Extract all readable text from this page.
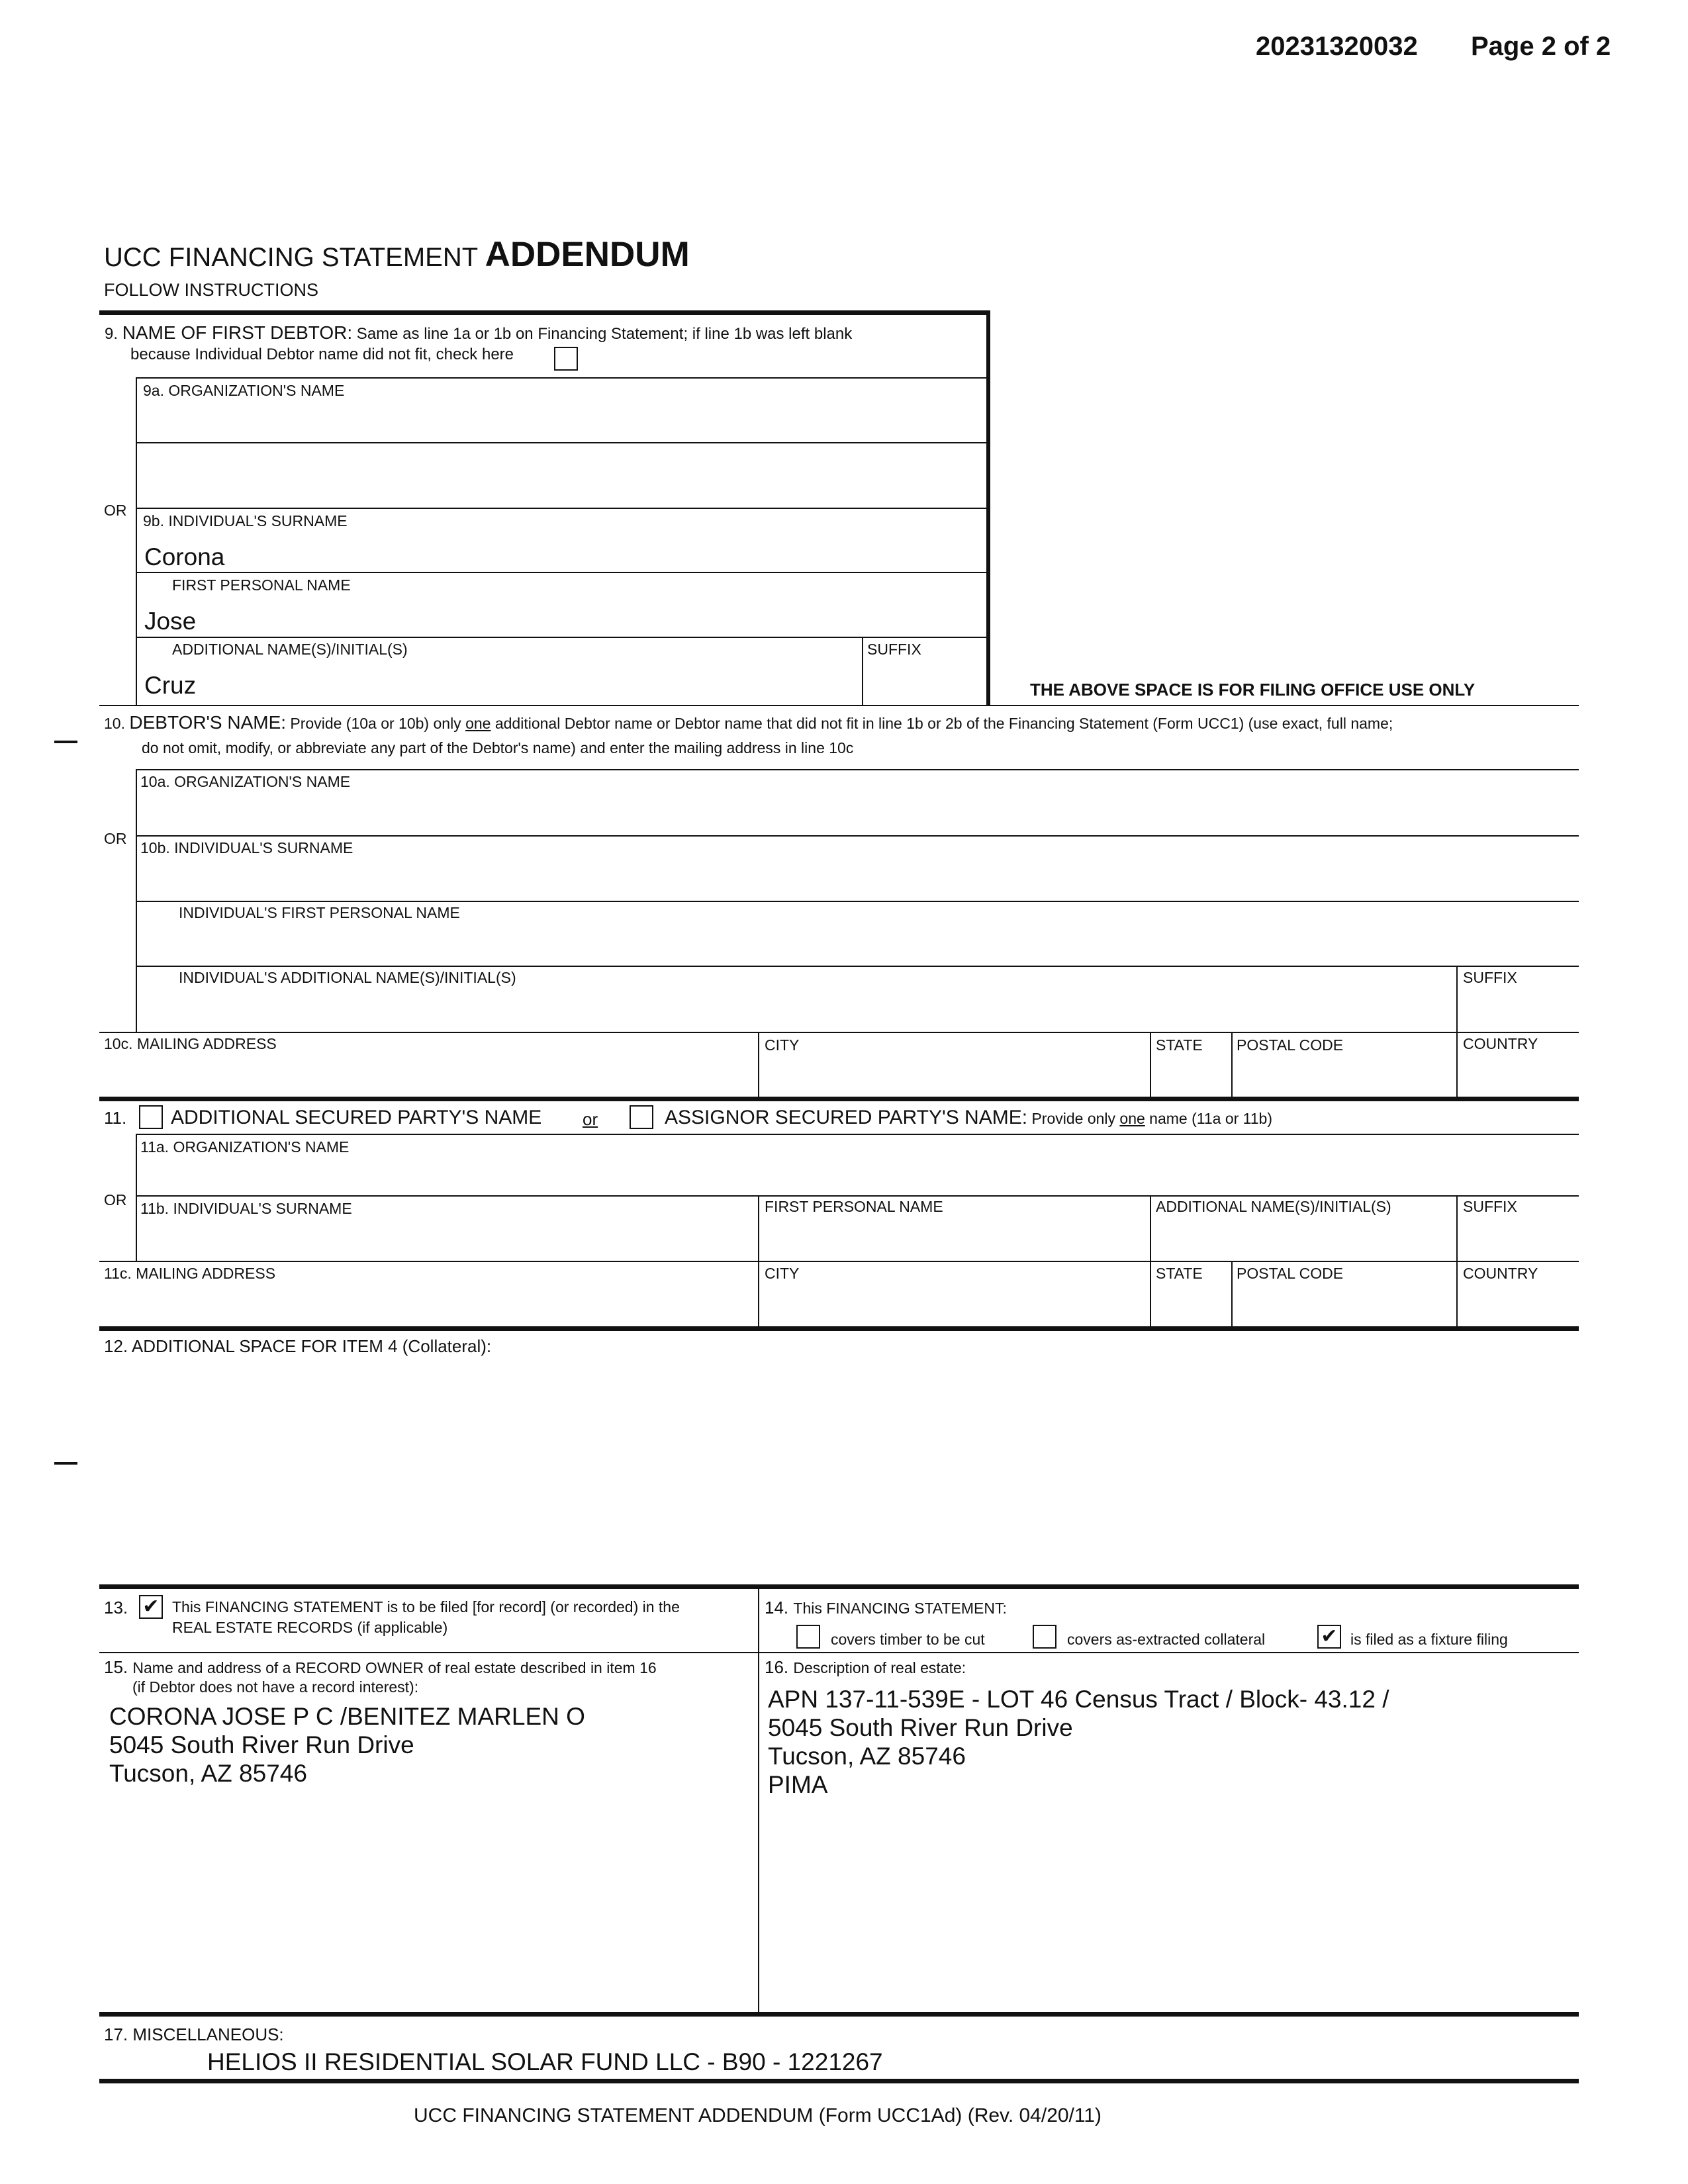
20231320032 Page 2 of 2
UCC FINANCING STATEMENT ADDENDUM
FOLLOW INSTRUCTIONS
9. NAME OF FIRST DEBTOR: Same as line 1a or 1b on Financing Statement; if line 1b was left blank
because Individual Debtor name did not fit, check here
9a. ORGANIZATION'S NAME
OR
9b. INDIVIDUAL'S SURNAME
Corona
FIRST PERSONAL NAME
Jose
ADDITIONAL NAME(S)/INITIAL(S)	SUFFIX
Cruz	THE ABOVE SPACE IS FOR FILING OFFICE USE ONLY
10. DEBTOR'S NAME: Provide (10a or 10b) only one additional Debtor name or Debtor name that did not fit in line 1b or 2b of the Financing Statement (Form UCC1) (use exact, full name;
do not omit, modify, or abbreviate any part of the Debtor's name) and enter the mailing address in line 10c
10a. ORGANIZATION'S NAME
OR
10b. INDIVIDUAL'S SURNAME
INDIVIDUAL'S FIRST PERSONAL NAME
INDIVIDUAL'S ADDITIONAL NAME(S)/INITIAL(S)	SUFFIX
10c. MAILING ADDRESS	CITY	STATE POSTAL CODE	COUNTRY
11. ADDITIONAL SECURED PARTY'S NAME or	ASSIGNOR SECURED PARTY'S NAME: Provide only one name (11a or 11b)
11a. ORGANIZATION'S NAME
OR 11b. INDIVIDUAL'S SURNAME	FIRST PERSONAL NAME	ADDITIONAL NAME(S)/INITIAL(S)	SUFFIX
11c. MAILING ADDRESS	CITY	STATE POSTAL CODE	COUNTRY
12. ADDITIONAL SPACE FOR ITEM 4 (Collateral):
13. ✔ This FINANCING STATEMENT is to be filed [for record] (or recorded) in the
REAL ESTATE RECORDS (if applicable)
14. This FINANCING STATEMENT:
covers timber to be cut	covers as-extracted collateral	✔ is filed as a fixture filing
15. Name and address of a RECORD OWNER of real estate described in item 16
(if Debtor does not have a record interest):
CORONA JOSE P C /BENITEZ MARLEN O
5045 South River Run Drive
Tucson, AZ 85746
16. Description of real estate:
APN 137-11-539E - LOT 46 Census Tract / Block- 43.12 /
5045 South River Run Drive
Tucson, AZ 85746
PIMA
17. MISCELLANEOUS:
HELIOS II RESIDENTIAL SOLAR FUND LLC - B90 - 1221267
UCC FINANCING STATEMENT ADDENDUM (Form UCC1Ad) (Rev. 04/20/11)
